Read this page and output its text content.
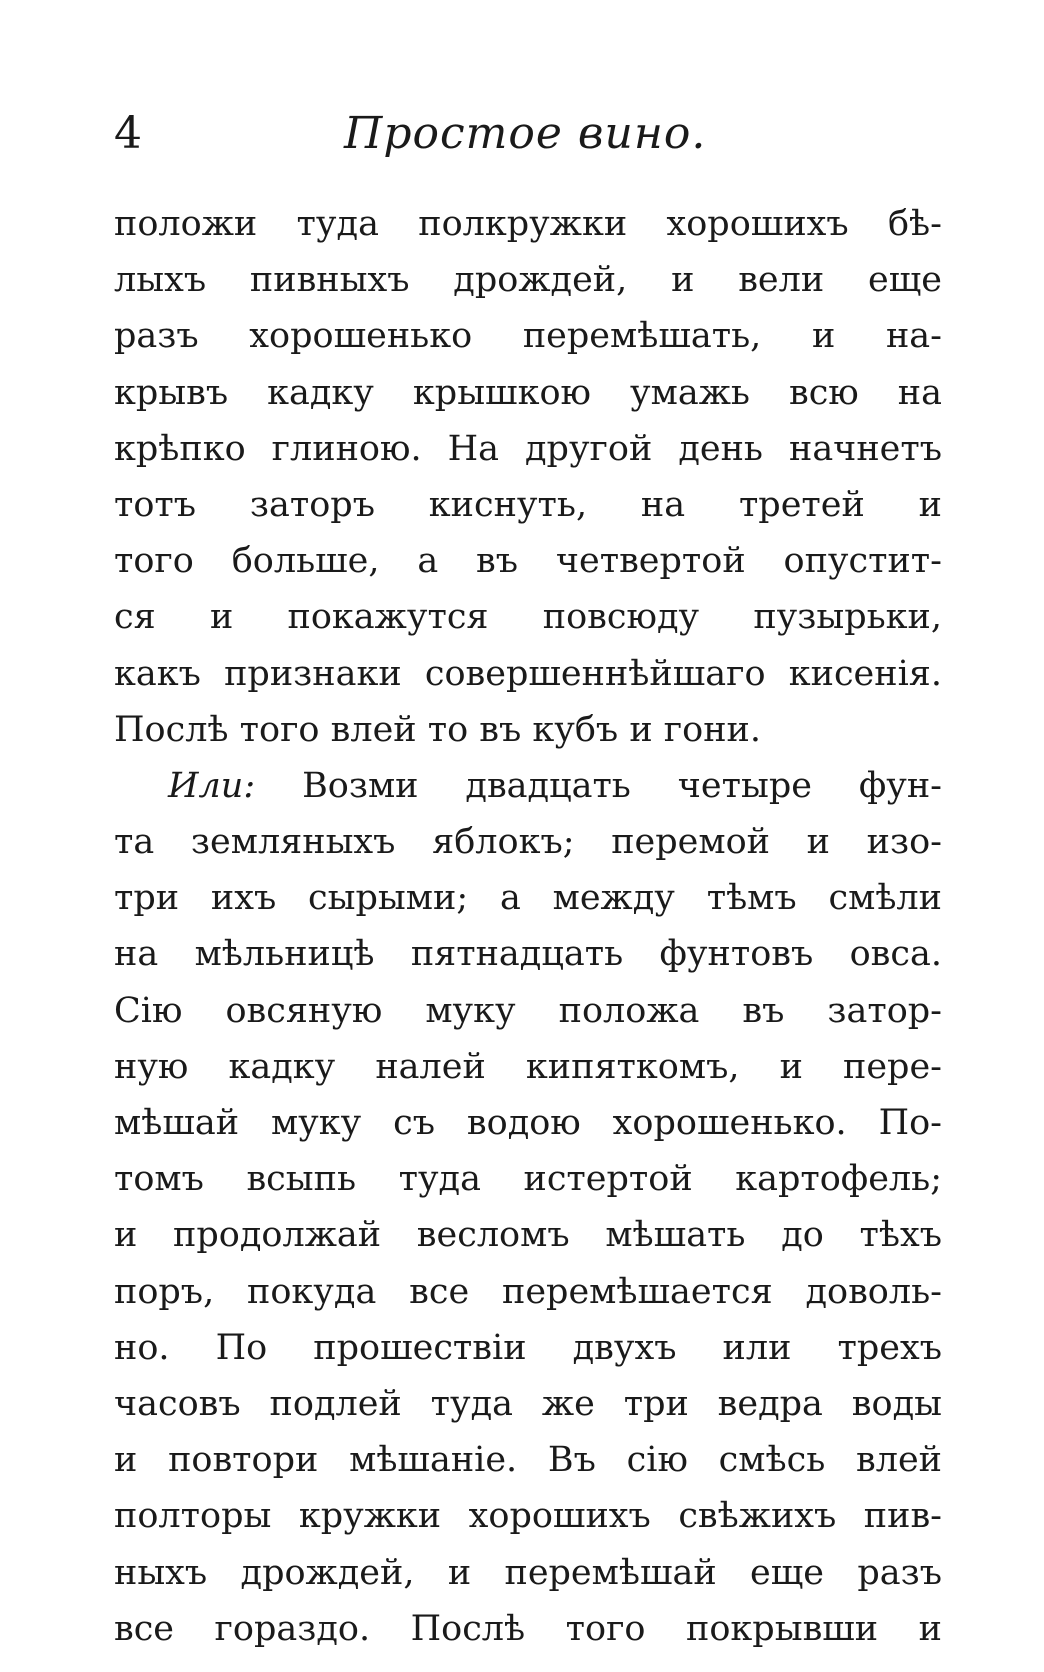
4	Простое вино.
положи туда полкружки хорошихъ бѣ-
лыхъ пивныхъ дрождей, и вели еще
разъ хорошенько перемѣшать, и на-
крывъ кадку крышкою умажь всю на
крѣпко глиною. На другой день начнетъ
тотъ заторъ киснуть, на третей и
того больше, а въ четвертой опустит-
ся и покажутся повсюду пузырьки,
какъ признаки совершеннѣйшаго кисенія.
Послѣ того влей то въ кубъ и гони.
Или: Возми двадцать четыре фун-
та земляныхъ яблокъ; перемой и изо-
три ихъ сырыми; а между тѣмъ смѣли
на мѣльницѣ пятнадцать фунтовъ овса.
Сію овсяную муку положа въ затор-
ную кадку налей кипяткомъ, и пере-
мѣшай муку съ водою хорошенько. По-
томъ всыпь туда истертой картофель;
и продолжай весломъ мѣшать до тѣхъ
поръ, покуда все перемѣшается доволь-
но. По прошествіи двухъ или трехъ
часовъ подлей туда же три ведра воды
и повтори мѣшаніе. Въ сію смѣсь влей
полторы кружки хорошихъ свѣжихъ пив-
ныхъ дрождей, и перемѣшай еще разъ
все гораздо. Послѣ того покрывши и
